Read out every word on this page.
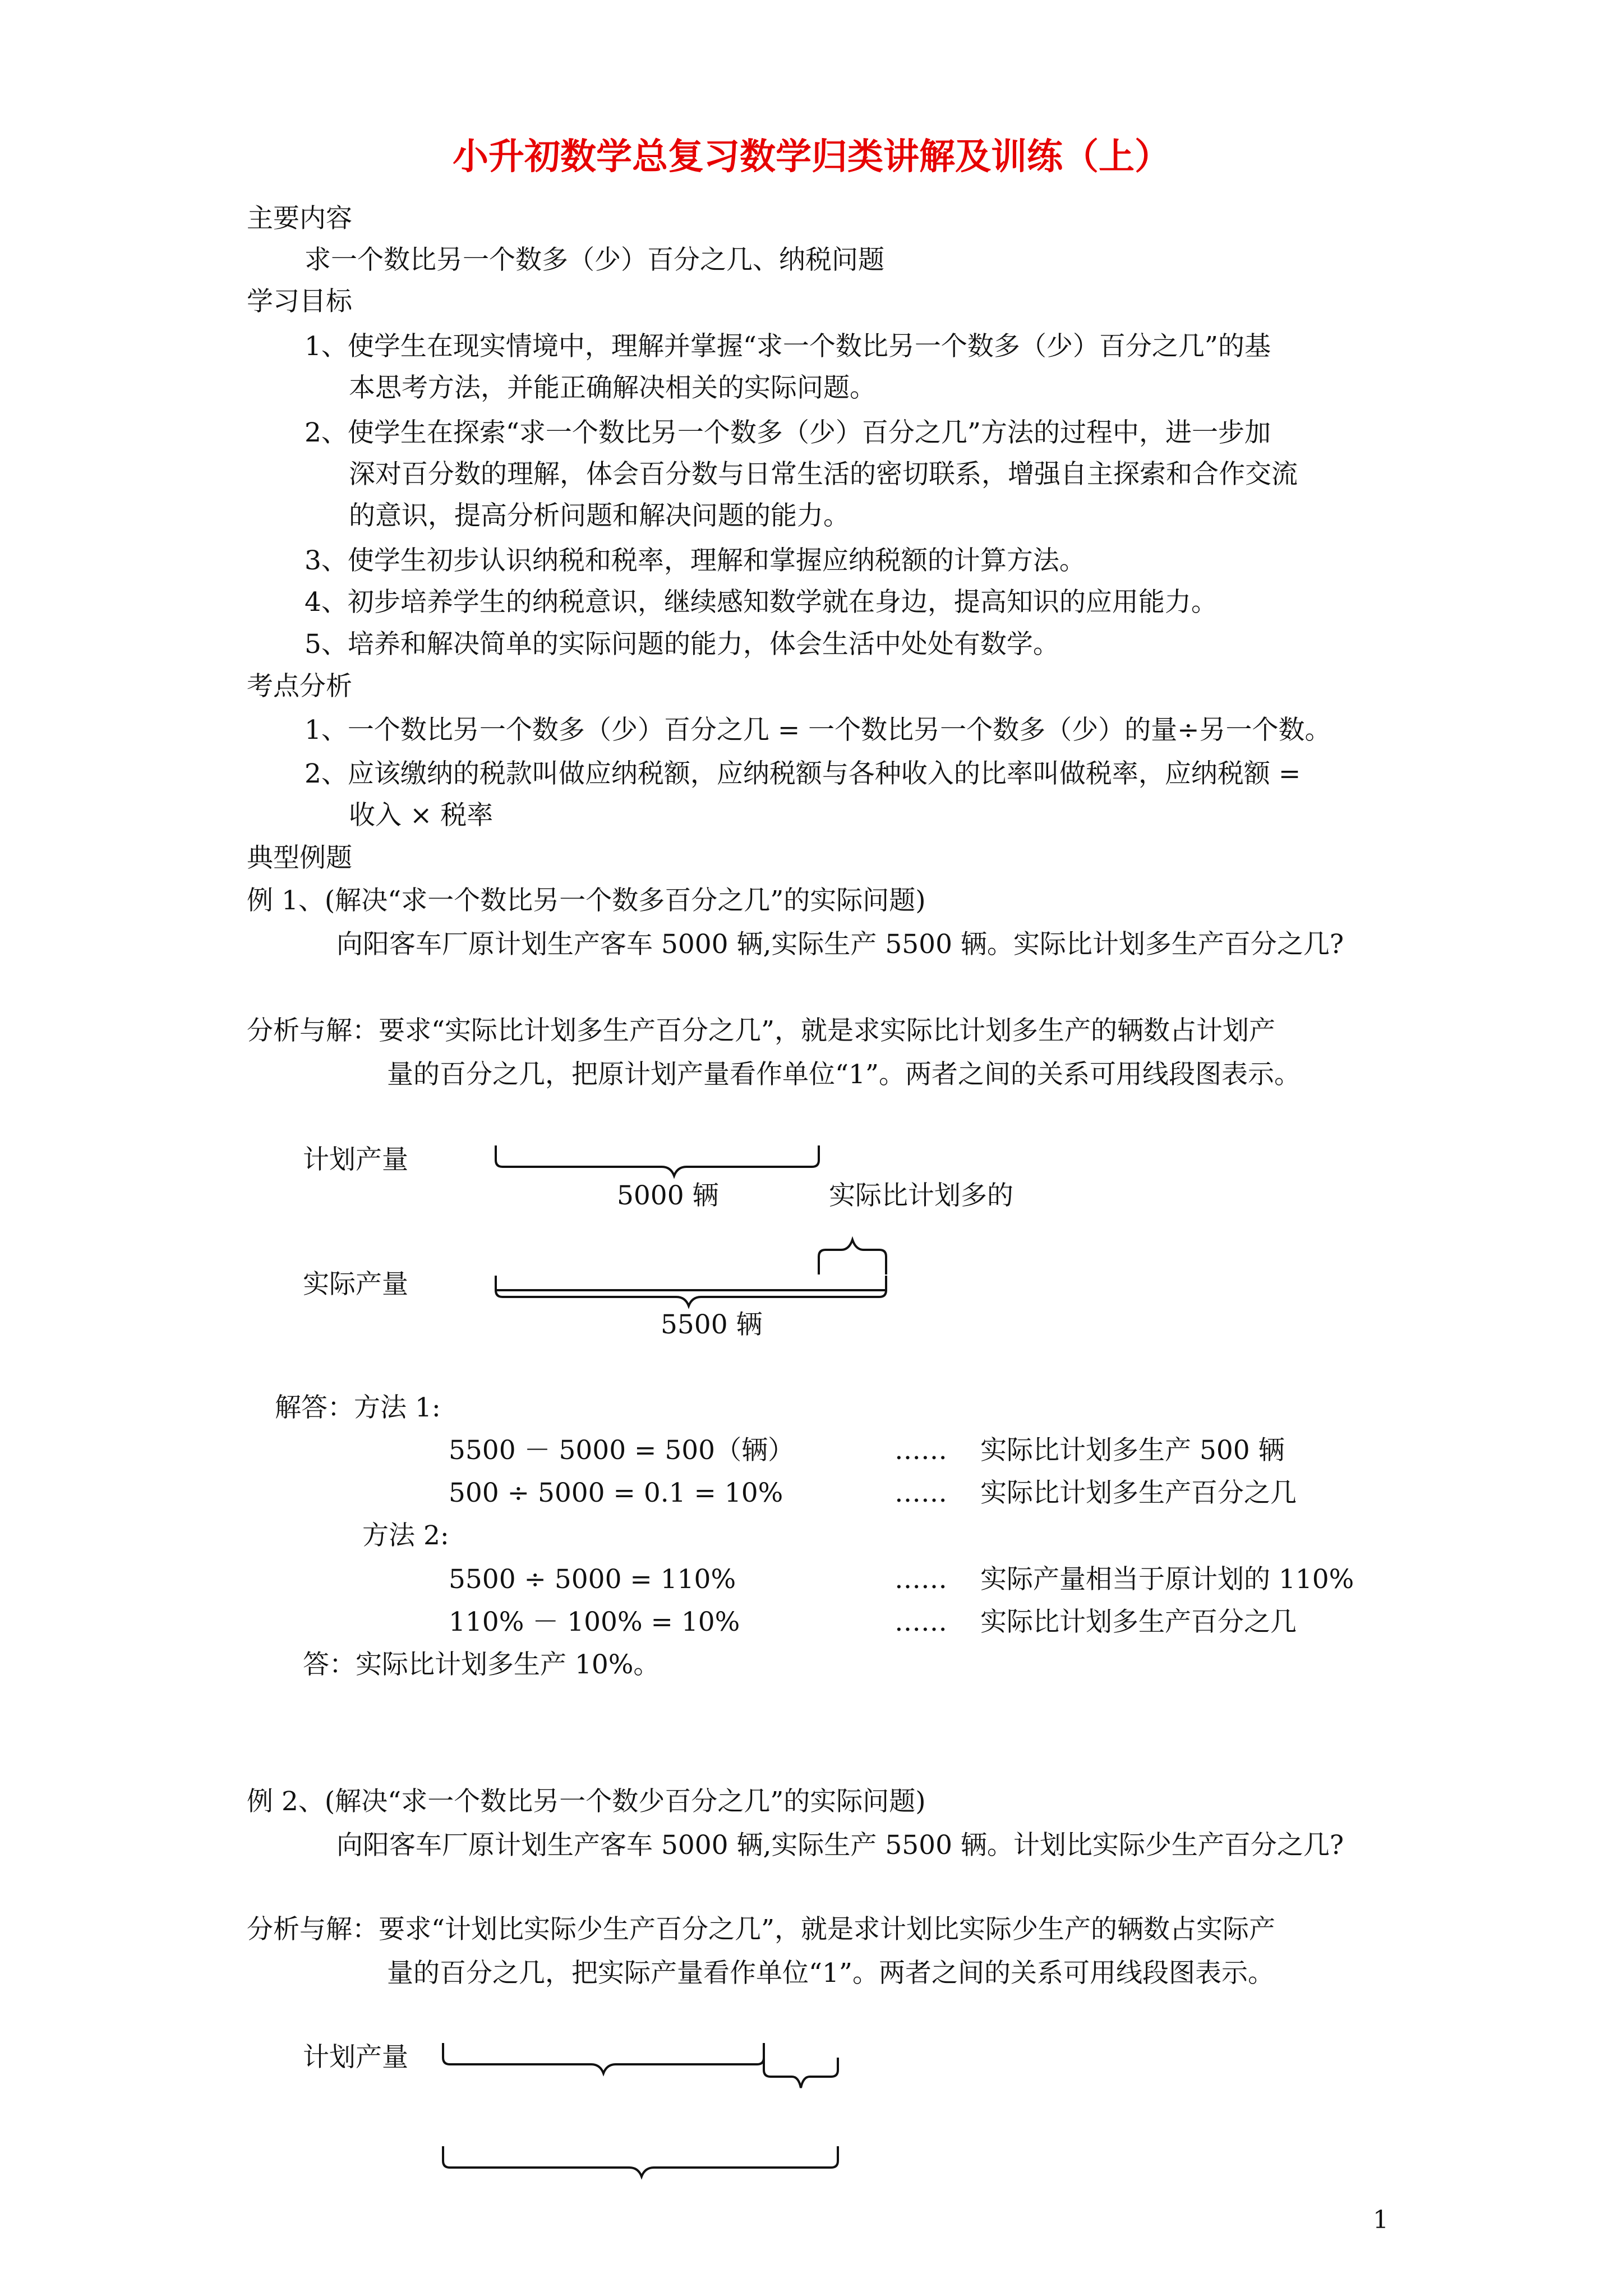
小升初数学总复习数学归类讲解及训练（上）

主要内容

求一个数比另一个数多（少）百分之几、纳税问题

学习目标

1、使学生在现实情境中，理解并掌握“求一个数比另一个数多（少）百分之几”的基

本思考方法，并能正确解决相关的实际问题。

2、使学生在探索“求一个数比另一个数多（少）百分之几”方法的过程中，进一步加

深对百分数的理解，体会百分数与日常生活的密切联系，增强自主探索和合作交流

的意识，提高分析问题和解决问题的能力。

3、使学生初步认识纳税和税率，理解和掌握应纳税额的计算方法。

4、初步培养学生的纳税意识，继续感知数学就在身边，提高知识的应用能力。

5、培养和解决简单的实际问题的能力，体会生活中处处有数学。

考点分析

1、一个数比另一个数多（少）百分之几 = 一个数比另一个数多（少）的量÷另一个数。

2、应该缴纳的税款叫做应纳税额，应纳税额与各种收入的比率叫做税率，应纳税额 =

收入 × 税率

典型例题

例 1、(解决“求一个数比另一个数多百分之几”的实际问题)

向阳客车厂原计划生产客车 5000 辆,实际生产 5500 辆。实际比计划多生产百分之几?

分析与解：要求“实际比计划多生产百分之几”，就是求实际比计划多生产的辆数占计划产

量的百分之几，把原计划产量看作单位“1”。两者之间的关系可用线段图表示。

计划产量

5000 辆	实际比计划多的

实际产量

5500 辆

解答：方法 1:

5500 － 5000 = 500（辆）	…… 实际比计划多生产 500 辆

500 ÷ 5000 = 0.1 = 10%	…… 实际比计划多生产百分之几

方法 2:

5500 ÷ 5000 = 110%	…… 实际产量相当于原计划的 110%

110% － 100% = 10%	…… 实际比计划多生产百分之几

答：实际比计划多生产 10%。

例 2、(解决“求一个数比另一个数少百分之几”的实际问题)

向阳客车厂原计划生产客车 5000 辆,实际生产 5500 辆。计划比实际少生产百分之几?

分析与解：要求“计划比实际少生产百分之几”，就是求计划比实际少生产的辆数占实际产

量的百分之几，把实际产量看作单位“1”。两者之间的关系可用线段图表示。

计划产量

1
